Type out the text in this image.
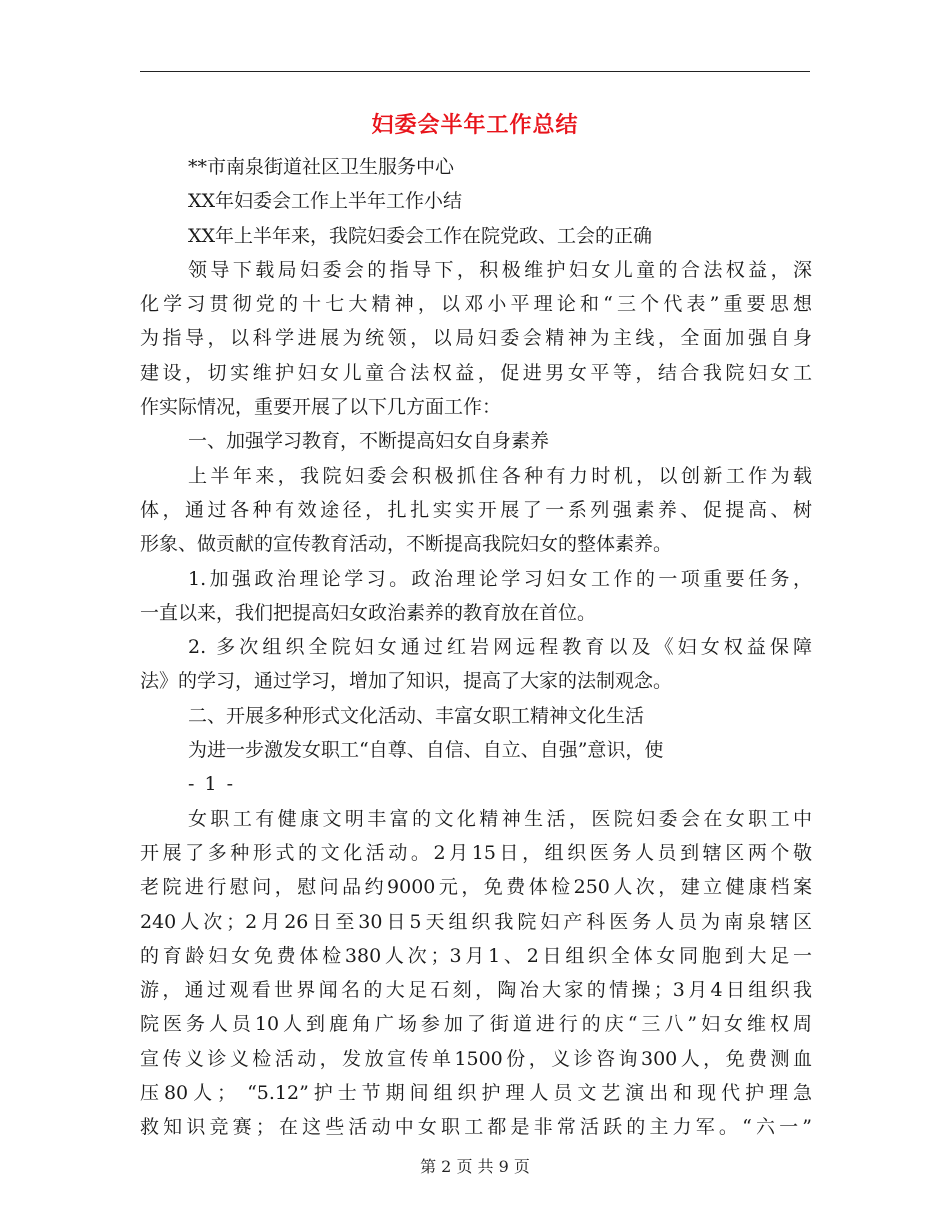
妇委会半年工作总结
**市南泉街道社区卫生服务中心
XX年妇委会工作上半年工作小结
XX年上半年来，我院妇委会工作在院党政、工会的正确
领导下载局妇委会的指导下，积极维护妇女儿童的合法权益，深
化学习贯彻党的十七大精神，以邓小平理论和“三个代表”重要思想
为指导，以科学进展为统领，以局妇委会精神为主线，全面加强自身
建设，切实维护妇女儿童合法权益，促进男女平等，结合我院妇女工
作实际情况，重要开展了以下几方面工作：
一、加强学习教育，不断提高妇女自身素养
上半年来，我院妇委会积极抓住各种有力时机，以创新工作为载
体，通过各种有效途径，扎扎实实开展了一系列强素养、促提高、树
形象、做贡献的宣传教育活动，不断提高我院妇女的整体素养。
1.加强政治理论学习。政治理论学习妇女工作的一项重要任务，
一直以来，我们把提高妇女政治素养的教育放在首位。
2. 多次组织全院妇女通过红岩网远程教育以及《妇女权益保障
法》的学习，通过学习，增加了知识，提高了大家的法制观念。
二、开展多种形式文化活动、丰富女职工精神文化生活
为进一步激发女职工“自尊、自信、自立、自强”意识，使
- 1 -
女职工有健康文明丰富的文化精神生活，医院妇委会在女职工中
开展了多种形式的文化活动。2月15日，组织医务人员到辖区两个敬
老院进行慰问，慰问品约9000元，免费体检250人次，建立健康档案
240人次；2月26日至30日5天组织我院妇产科医务人员为南泉辖区
的育龄妇女免费体检380人次；3月1、2日组织全体女同胞到大足一
游，通过观看世界闻名的大足石刻，陶冶大家的情操；3月4日组织我
院医务人员10人到鹿角广场参加了街道进行的庆“三八”妇女维权周
宣传义诊义检活动，发放宣传单1500份，义诊咨询300人，免费测血
压80人； “5.12”护士节期间组织护理人员文艺演出和现代护理急
救知识竞赛；在这些活动中女职工都是非常活跃的主力军。“六一”
第 2 页 共 9 页
